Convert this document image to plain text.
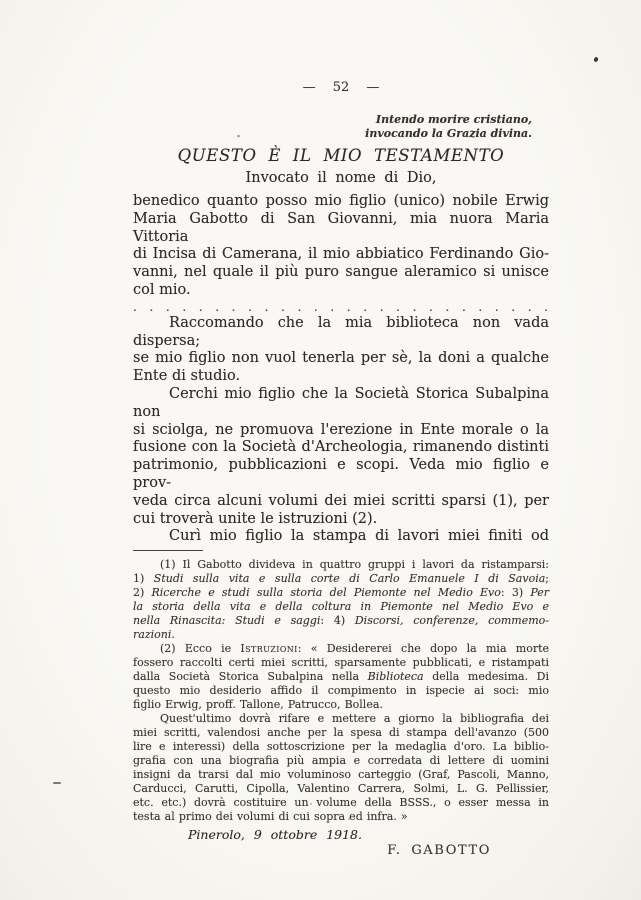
— 52 —
Intendo morire cristiano,
invocando la Grazia divina.
QUESTO È IL MIO TESTAMENTO
Invocato il nome di Dio,
benedico quanto posso mio figlio (unico) nobile Erwig
Maria Gabotto di San Giovanni, mia nuora Maria Vittoria
di Incisa di Camerana, il mio abbiatico Ferdinando Gio-
vanni, nel quale il più puro sangue aleramico si unisce
col mio.
. . . . . . . . . . . . . . . . . . . . . . . . . .
Raccomando che la mia biblioteca non vada dispersa;
se mio figlio non vuol tenerla per sè, la doni a qualche
Ente di studio.
Cerchi mio figlio che la Società Storica Subalpina non
si sciolga, ne promuova l'erezione in Ente morale o la
fusione con la Società d'Archeologia, rimanendo distinti
patrimonio, pubblicazioni e scopi. Veda mio figlio e prov-
veda circa alcuni volumi dei miei scritti sparsi (1), per
cui troverà unite le istruzioni (2).
Curì mio figlio la stampa di lavori miei finiti od
(1) Il Gabotto divideva in quattro gruppi i lavori da ristamparsi:
1) Studi sulla vita e sulla corte di Carlo Emanuele I di Savoia;
2) Ricerche e studi sulla storia del Piemonte nel Medio Evo: 3) Per
la storia della vita e della coltura in Piemonte nel Medio Evo e
nella Rinascita: Studi e saggi: 4) Discorsi, conferenze, commemo-
razioni.
(2) Ecco ie Istruzioni: « Desidererei che dopo la mia morte
fossero raccolti certi miei scritti, sparsamente pubblicati, e ristampati
dalla Società Storica Subalpina nella Biblioteca della medesima. Di
questo mio desiderio affido il compimento in ispecie ai soci: mio
figlio Erwig, proff. Tallone, Patrucco, Bollea.
Quest'ultimo dovrà rifare e mettere a giorno la bibliografia dei
miei scritti, valendosi anche per la spesa di stampa dell'avanzo (500
lire e interessi) della sottoscrizione per la medaglia d'oro. La biblio-
grafia con una biografia più ampia e corredata di lettere di uomini
insigni da trarsi dal mio voluminoso carteggio (Graf, Pascoli, Manno,
Carducci, Carutti, Cipolla, Valentino Carrera, Solmi, L. G. Pellissier,
etc. etc.) dovrà costituire un volume della BSSS., o esser messa in
testa al primo dei volumi di cui sopra ed infra. »
Pinerolo, 9 ottobre 1918.
F. GABOTTO
